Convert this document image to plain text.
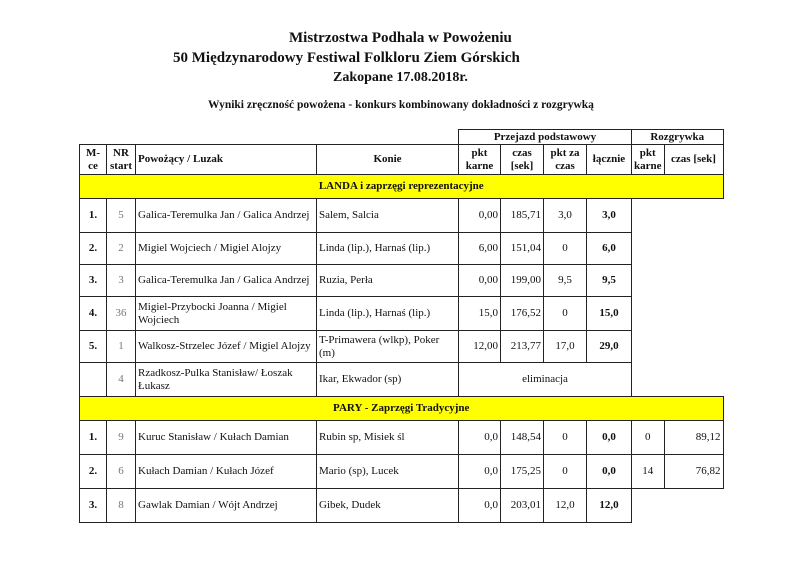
Mistrzostwa Podhala w Powożeniu
50 Międzynarodowy Festiwal Folkloru Ziem Górskich
Zakopane 17.08.2018r.
Wyniki zręczność powożena - konkurs kombinowany dokładności z rozgrywką
				Przejazd podstawowy				Rozgrywka	
M-ce	NR start	Powożący / Luzak	Konie	pkt karne	czas [sek]	pkt za czas	łącznie	pkt karne	czas [sek]
LANDA i zaprzęgi reprezentacyjne									
1.	5	Galica-Teremulka Jan / Galica Andrzej	Salem, Salcia	0,00	185,71	3,0	3,0		
2.	2	Migiel Wojciech / Migiel Alojzy	Linda (lip.), Harnaś (lip.)	6,00	151,04	0	6,0		
3.	3	Galica-Teremulka Jan / Galica Andrzej	Ruzia, Perła	0,00	199,00	9,5	9,5		
4.	36	Migiel-Przybocki Joanna / Migiel Wojciech	Linda (lip.), Harnaś (lip.)	15,0	176,52	0	15,0		
5.	1	Walkosz-Strzelec Józef / Migiel Alojzy	T-Primawera (wlkp), Poker (m)	12,00	213,77	17,0	29,0		
	4	Rzadkosz-Pulka Stanisław/ Łoszak Łukasz	Ikar, Ekwador (sp)	eliminacja					
PARY - Zaprzęgi Tradycyjne									
1.	9	Kuruc Stanisław / Kułach Damian	Rubin sp, Misiek śl	0,0	148,54	0	0,0	0	89,12
2.	6	Kułach Damian / Kułach Józef	Mario (sp), Lucek	0,0	175,25	0	0,0	14	76,82
3.	8	Gawlak Damian / Wójt Andrzej	Gibek, Dudek	0,0	203,01	12,0	12,0		
